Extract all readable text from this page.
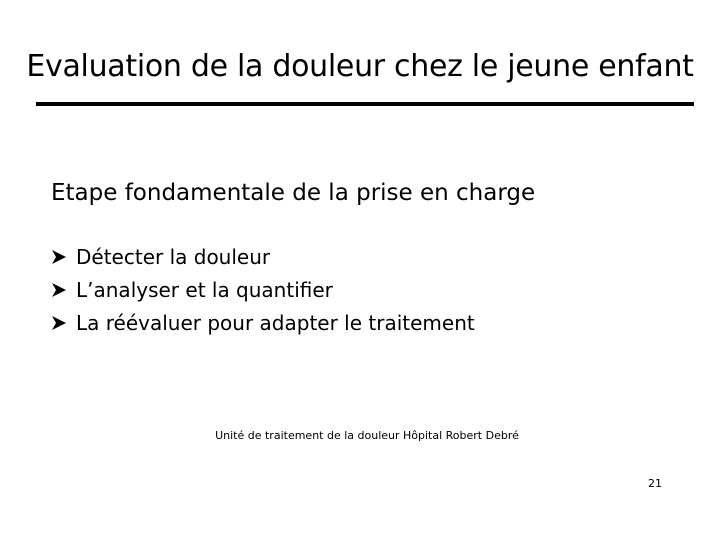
Evaluation de la douleur chez le jeune enfant
Etape fondamentale de la prise en charge
Détecter la douleur
L’analyser et la quantifier
La réévaluer pour adapter le traitement
Unité de traitement de la douleur Hôpital Robert Debré
21
